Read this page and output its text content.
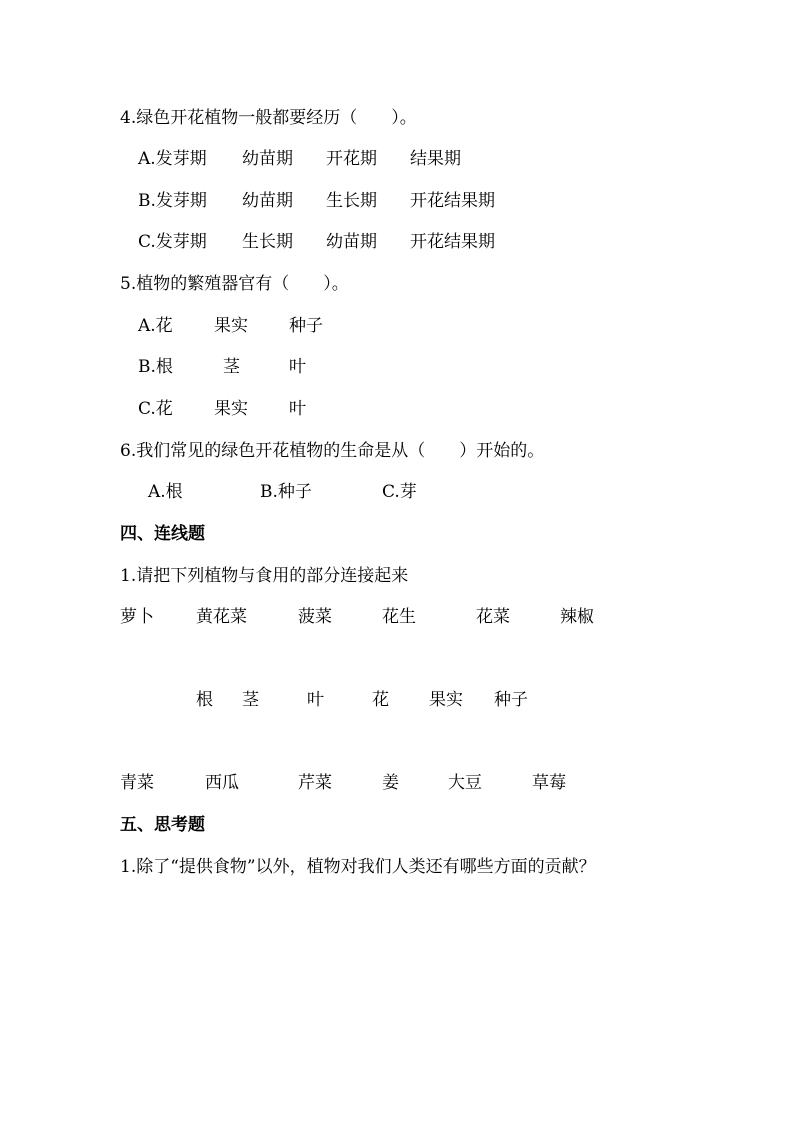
4.绿色开花植物一般都要经历（　　）。
A.发芽期 幼苗期 开花期 结果期
B.发芽期 幼苗期 生长期 开花结果期
C.发芽期 生长期 幼苗期 开花结果期
5.植物的繁殖器官有（　　）。
A.花 果实 种子
B.根	茎	叶
C.花 果实 叶
6.我们常见的绿色开花植物的生命是从（　　）开始的。
A.根	B.种子	C.芽
四、连线题
1.请把下列植物与食用的部分连接起来
萝卜 黄花菜	菠菜	花生	花菜	辣椒
根 茎	叶	花 果实 种子
青菜	西瓜	芹菜	姜	大豆	草莓
五、思考题
1.除了“提供食物”以外，植物对我们人类还有哪些方面的贡献？
